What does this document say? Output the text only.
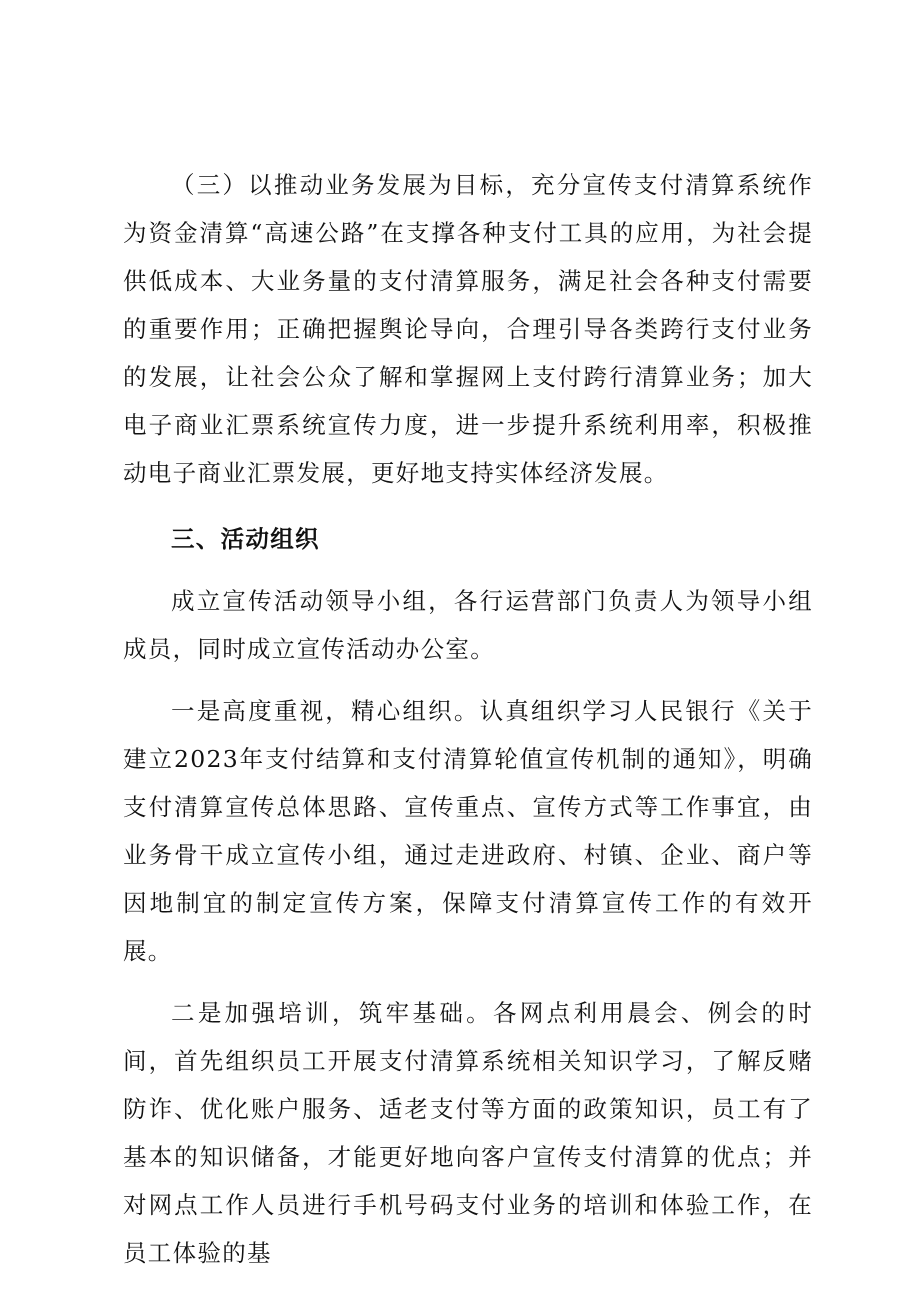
（三）以推动业务发展为目标，充分宣传支付清算系统作为资金清算“高速公路”在支撑各种支付工具的应用，为社会提供低成本、大业务量的支付清算服务，满足社会各种支付需要的重要作用；正确把握舆论导向，合理引导各类跨行支付业务的发展，让社会公众了解和掌握网上支付跨行清算业务；加大电子商业汇票系统宣传力度，进一步提升系统利用率，积极推动电子商业汇票发展，更好地支持实体经济发展。

三、活动组织

成立宣传活动领导小组，各行运营部门负责人为领导小组成员，同时成立宣传活动办公室。

一是高度重视，精心组织。认真组织学习人民银行《关于建立2023年支付结算和支付清算轮值宣传机制的通知》，明确支付清算宣传总体思路、宣传重点、宣传方式等工作事宜，由业务骨干成立宣传小组，通过走进政府、村镇、企业、商户等因地制宜的制定宣传方案，保障支付清算宣传工作的有效开展。

二是加强培训，筑牢基础。各网点利用晨会、例会的时间，首先组织员工开展支付清算系统相关知识学习，了解反赌防诈、优化账户服务、适老支付等方面的政策知识，员工有了基本的知识储备，才能更好地向客户宣传支付清算的优点；并对网点工作人员进行手机号码支付业务的培训和体验工作，在员工体验的基
